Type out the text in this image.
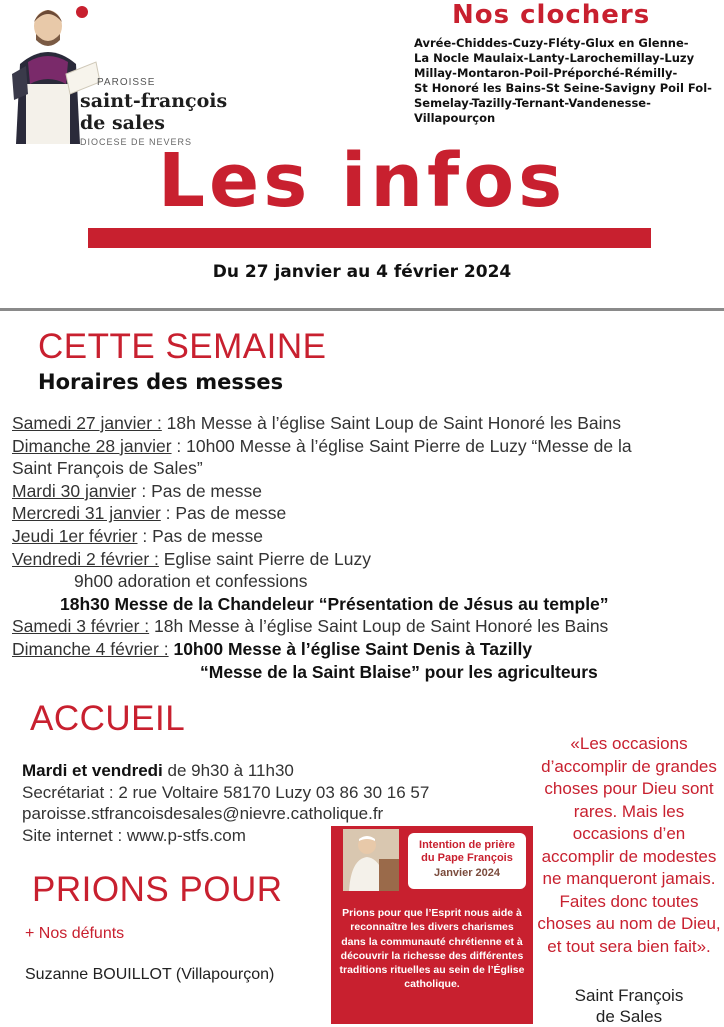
PAROISSE
saint-françois
de sales
DIOCESE DE NEVERS
Nos clochers
Avrée-Chiddes-Cuzy-Fléty-Glux en Glenne-
La Nocle Maulaix-Lanty-Larochemillay-Luzy
Millay-Montaron-Poil-Préporché-Rémilly-
St Honoré les Bains-St Seine-Savigny Poil Fol-
Semelay-Tazilly-Ternant-Vandenesse-
Villapourçon
Les infos
Du 27 janvier au 4 février 2024
CETTE SEMAINE
Horaires des messes
Samedi 27 janvier : 18h Messe à l’église Saint Loup de Saint Honoré les Bains
Dimanche 28 janvier : 10h00 Messe à l’église Saint Pierre de Luzy “Messe de la
Saint François de Sales”
Mardi 30 janvier : Pas de messe
Mercredi 31 janvier : Pas de messe
Jeudi 1er février : Pas de messe
Vendredi 2 février : Eglise saint Pierre de Luzy
9h00 adoration et confessions
18h30 Messe de la Chandeleur “Présentation de Jésus au temple”
Samedi 3 février : 18h Messe à l’église Saint Loup de Saint Honoré les Bains
Dimanche 4 février : 10h00 Messe à l’église Saint Denis à Tazilly
“Messe de la Saint Blaise” pour les agriculteurs
ACCUEIL
Mardi et vendredi de 9h30 à 11h30
Secrétariat : 2 rue Voltaire 58170 Luzy 03 86 30 16 57
paroisse.stfrancoisdesales@nievre.catholique.fr
Site internet : www.p-stfs.com
PRIONS POUR
+ Nos défunts
Suzanne BOUILLOT (Villapourçon)
Intention de prière
du Pape François
Janvier 2024
Prions pour que l’Esprit nous aide à reconnaître les divers charismes dans la communauté chrétienne et à découvrir la richesse des différentes traditions rituelles au sein de l’Église catholique.
«Les occasions d’accomplir de grandes choses pour Dieu sont rares. Mais les occasions d’en accomplir de modestes ne manqueront jamais. Faites donc toutes choses au nom de Dieu, et tout sera bien fait».
Saint François
de Sales
